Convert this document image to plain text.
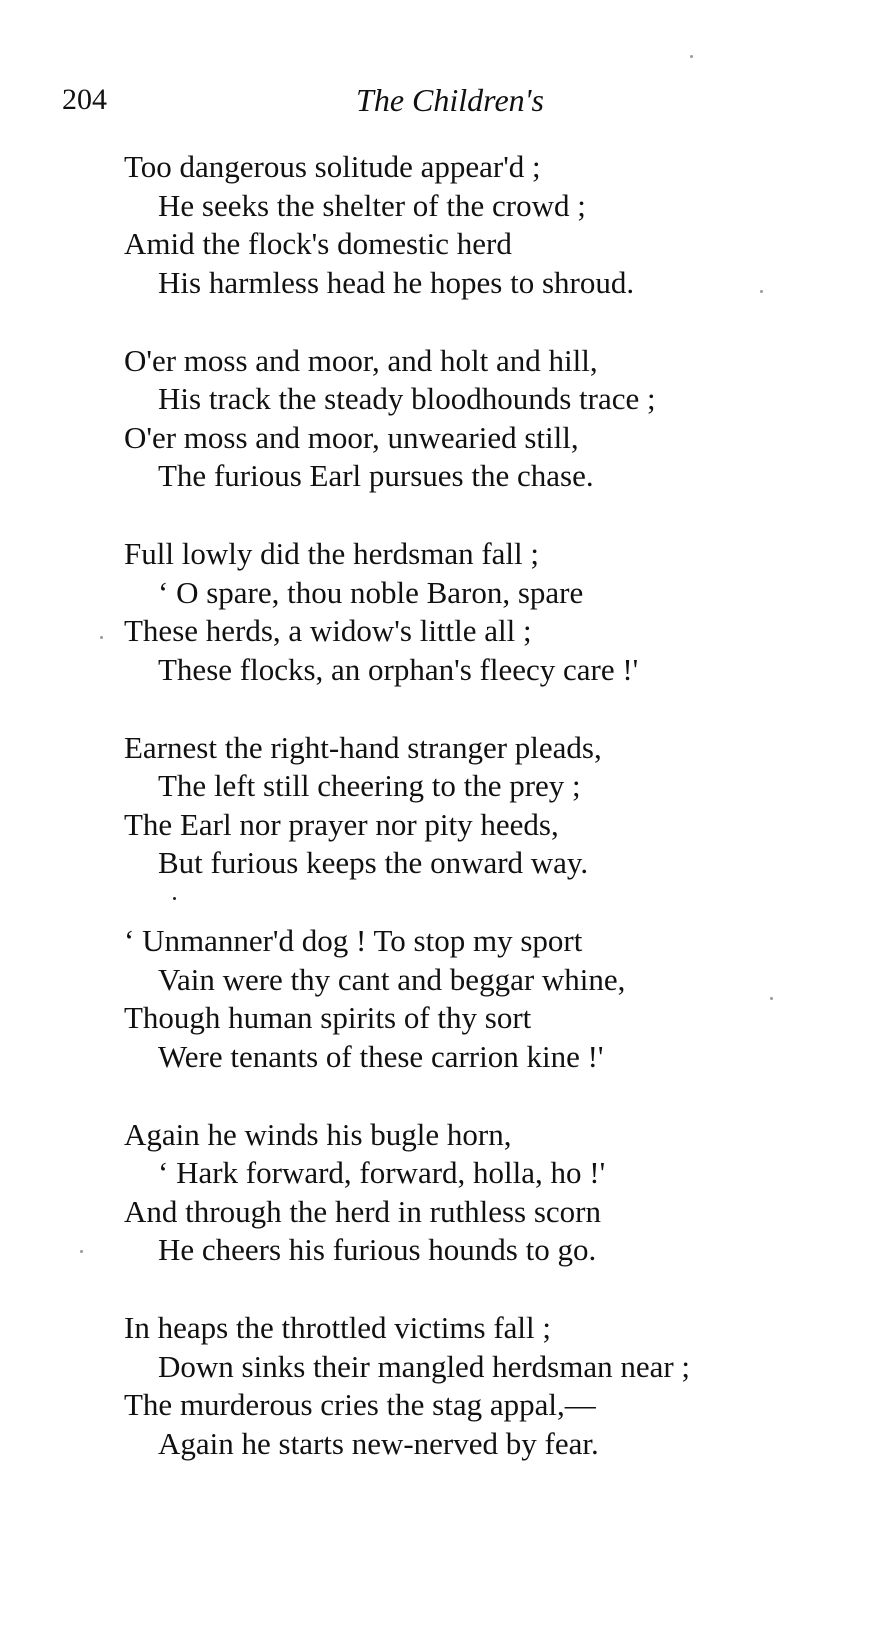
204	The Children's
Too dangerous solitude appear'd ;
He seeks the shelter of the crowd ;
Amid the flock's domestic herd
His harmless head he hopes to shroud.
O'er moss and moor, and holt and hill,
His track the steady bloodhounds trace ;
O'er moss and moor, unwearied still,
The furious Earl pursues the chase.
Full lowly did the herdsman fall ;
‘ O spare, thou noble Baron, spare
These herds, a widow's little all ;
These flocks, an orphan's fleecy care !'
Earnest the right-hand stranger pleads,
The left still cheering to the prey ;
The Earl nor prayer nor pity heeds,
But furious keeps the onward way.
‘ Unmanner'd dog ! To stop my sport
Vain were thy cant and beggar whine,
Though human spirits of thy sort
Were tenants of these carrion kine !'
Again he winds his bugle horn,
‘ Hark forward, forward, holla, ho !'
And through the herd in ruthless scorn
He cheers his furious hounds to go.
In heaps the throttled victims fall ;
Down sinks their mangled herdsman near ;
The murderous cries the stag appal,—
Again he starts new-nerved by fear.
